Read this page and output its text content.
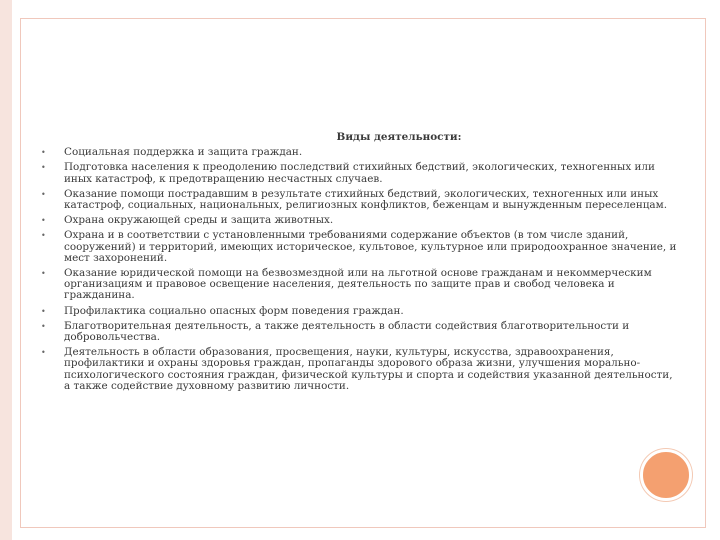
Виды деятельности:
• Социальная поддержка и защита граждан.
• Подготовка населения к преодолению последствий стихийных бедствий, экологических, техногенных или иных катастроф, к предотвращению несчастных случаев.
• Оказание помощи пострадавшим в результате стихийных бедствий, экологических, техногенных или иных катастроф, социальных, национальных, религиозных конфликтов, беженцам и вынужденным переселенцам.
• Охрана окружающей среды и защита животных.
• Охрана и в соответствии с установленными требованиями содержание объектов (в том числе зданий, сооружений) и территорий, имеющих историческое, культовое, культурное или природоохранное значение, и мест захоронений.
• Оказание юридической помощи на безвозмездной или на льготной основе гражданам и некоммерческим организациям и правовое освещение населения, деятельность по защите прав и свобод человека и гражданина.
• Профилактика социально опасных форм поведения граждан.
• Благотворительная деятельность, а также деятельность в области содействия благотворительности и добровольчества.
• Деятельность в области образования, просвещения, науки, культуры, искусства, здравоохранения, профилактики и охраны здоровья граждан, пропаганды здорового образа жизни, улучшения морально-психологического состояния граждан, физической культуры и спорта и содействия указанной деятельности, а также содействие духовному развитию личности.
